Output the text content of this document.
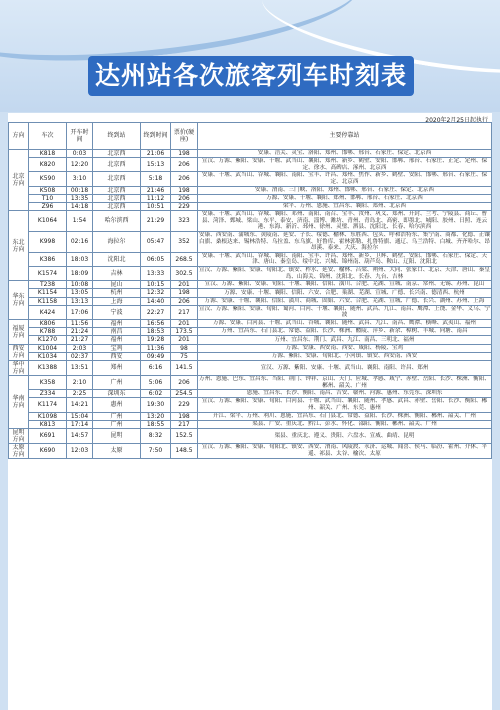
达州站各次旅客列车时刻表
2020年2月25日起执行
方向	车次	开车时间	终到站	终到时间	票价(硬座)	主要停靠站
北京方向	K818	0:03	北京西	21:06	198	安康、涪关、灵宝、洛阳、郑州、邯郸、邢台、石家庄、保定、北京西
	K820	12:20	北京西	15:13	206	宣汉、万源、紫阳、安康、十堰、武当山、襄阳、郑州、新乡、鹤壁、安阳、邯郸、邢台、石家庄、正定、定州、保定、徐水、高碑店、涿州、北京西
	K590	3:10	北京西	5:18	206	安康、十堰、武当山、谷城、襄阳、南阳、宝丰、许昌、郑州、焦作、新乡、鹤壁、安阳、邯郸、邢台、石家庄、保定、北京西
	K508	00:18	北京西	21:46	198	安康、渭南、三门峡、洛阳、郑州、邯郸、邢台、石家庄、保定、北京西
	T10	13:35	北京西	11:12	206	万源、安康、十堰、襄阳、郑州、邯郸、邢台、石家庄、北京西
	Z96	14:18	北京西	10:51	229	梁平、万州、恩施、宜昌东、襄阳、郑州、北京西
东北方向	K1064	1:54	哈尔滨西	21:29	323	安康、十堰、武当山、谷城、襄阳、邓州、南阳、南召、宝丰、汝州、巩义、郑州、开封、兰考、宁陵县、商丘、曹县、菏泽、鄄城、梁山、东平、泰安、济南、淄博、潍坊、青州、青岛北、高密、即墨北、城阳、胶州、日照、连云港、东海、新沂、邳州、徐州、灵璧、泗县、沈阳北、长春、哈尔滨西
	K998	02:16	海拉尔	05:47	352	安康、西安南、蒲城东、黄陵南、延安、子长、绥德、榆林、东胜西、包头、呼和浩特东、集宁南、商都、化德、正镶白旗、桑根达来、锡林浩特、乌拉盖、东乌旗、好鲁库、霍林郭勒、扎鲁特旗、通辽、乌兰浩特、白城、齐齐哈尔、昂昂溪、泰来、大庆、海拉尔
	K386	18:03	沈阳北	06:05	268.5	安康、十堰、武当山、谷城、襄阳、南阳、宝丰、许昌、郑州、新乡、卫辉、鹤壁、安阳、邯郸、石家庄、保定、天津、唐山、秦皇岛、绥中北、兴城、锦州南、葫芦岛、鞍山、辽阳、沈阳北
	K1574	18:09	吉林	13:33	302.5	宣汉、万源、紫阳、安康、旬阳北、镇安、柞水、延安、榆林、吕梁、朔州、大同、张家口、北京、天津、唐山、秦皇岛、山海关、锦州、沈阳北、长春、九台、吉林
华东方向	T238	10:08	昆山	10:15	201	宣汉、万源、紫阳、安康、旬阳、十堰、襄阳、信阳、潢川、合肥、芜湖、宣城、南京、常州、无锡、苏州、昆山
	K1154	13:05	杭州	12:32	198	万源、安康、十堰、襄阳、信阳、六安、合肥、巢湖、芜湖、宣城、广德、长兴南、德清西、杭州
	K1158	13:13	上海	14:40	206	万源、安康、十堰、襄阳、信阳、潢川、商城、固始、六安、合肥、芜湖、宣城、广德、长兴、湖州、苏州、上海
	K424	17:06	宁波	22:27	217	宣汉、万源、紫阳、安康、旬阳、蜀河、白河、十堰、襄阳、随州、武昌、九江、南昌、鹰潭、上饶、金华、义乌、宁波
福厦方向	K806	11:56	福州	16:56	201	万源、安康、白河县、十堰、武当山、谷城、襄阳、随州、武昌、九江、南昌、鹰潭、横峰、武夷山、福州
	K788	21:24	南昌	18:53	173.5	万州、宜昌东、石门县北、常德、益阳、长沙、株洲、醴陵、萍乡、新余、樟树、丰城、向塘、南昌
	K1270	21:27	福州	19:28	201	万州、宜昌东、荆门、武昌、九江、南昌、三明北、福州
西安方向	K1004	2:03	宝鸡	11:36	98	万源、安康、西安南、西安、咸阳、杨陵、宝鸡
	K1034	02:37	西安	09:49	75	万源、紫阳、安康、旬阳北、小河镇、镇安、西安南、西安
华中方向	K1388	13:51	郑州	6:16	141.5	宣汉、万源、紫阳、安康、十堰、武当山、襄阳、南阳、许昌、郑州
华南方向	K358	2:10	广州	5:06	206	万州、恩施、巴东、宜昌东、当阳、荆门、钟祥、京山、天门、应城、孝感、咸宁、赤壁、岳阳、长沙、株洲、衡阳、郴州、韶关、广州
	Z334	2:25	深圳东	6:02	254.5	恩施、宜昌东、长沙、衡阳、南昌、吉安、赣州、河源、惠州、东莞东、深圳东
	K1174	14:21	惠州	19:30	229	宣汉、万源、紫阳、安康、旬阳、白河县、十堰、武当山、襄阳、随州、孝感、武昌、赤壁、岳阳、长沙、衡阳、郴州、韶关、广州、东莞、惠州
	K1098	15:04	广州	13:20	198	开江、梁平、万州、利川、恩施、宜昌东、石门县北、常德、益阳、长沙、株洲、衡阳、郴州、韶关、广州
	K813	17:14	广州	18:55	217	渠县、广安、重庆北、黔江、彭水、怀化、邵阳、衡阳、郴州、韶关、广州
昆明方向	K691	14:57	昆明	8:32	152.5	渠县、重庆北、遵义、贵阳、六盘水、宣威、曲靖、昆明
太原方向	K690	12:03	太原	7:50	148.5	宣汉、万源、紫阳、安康、旬阳北、镇安、西安、渭南、风陵渡、永济、运城、闻喜、侯马、临汾、霍州、介休、平遥、祁县、太谷、榆次、太原
